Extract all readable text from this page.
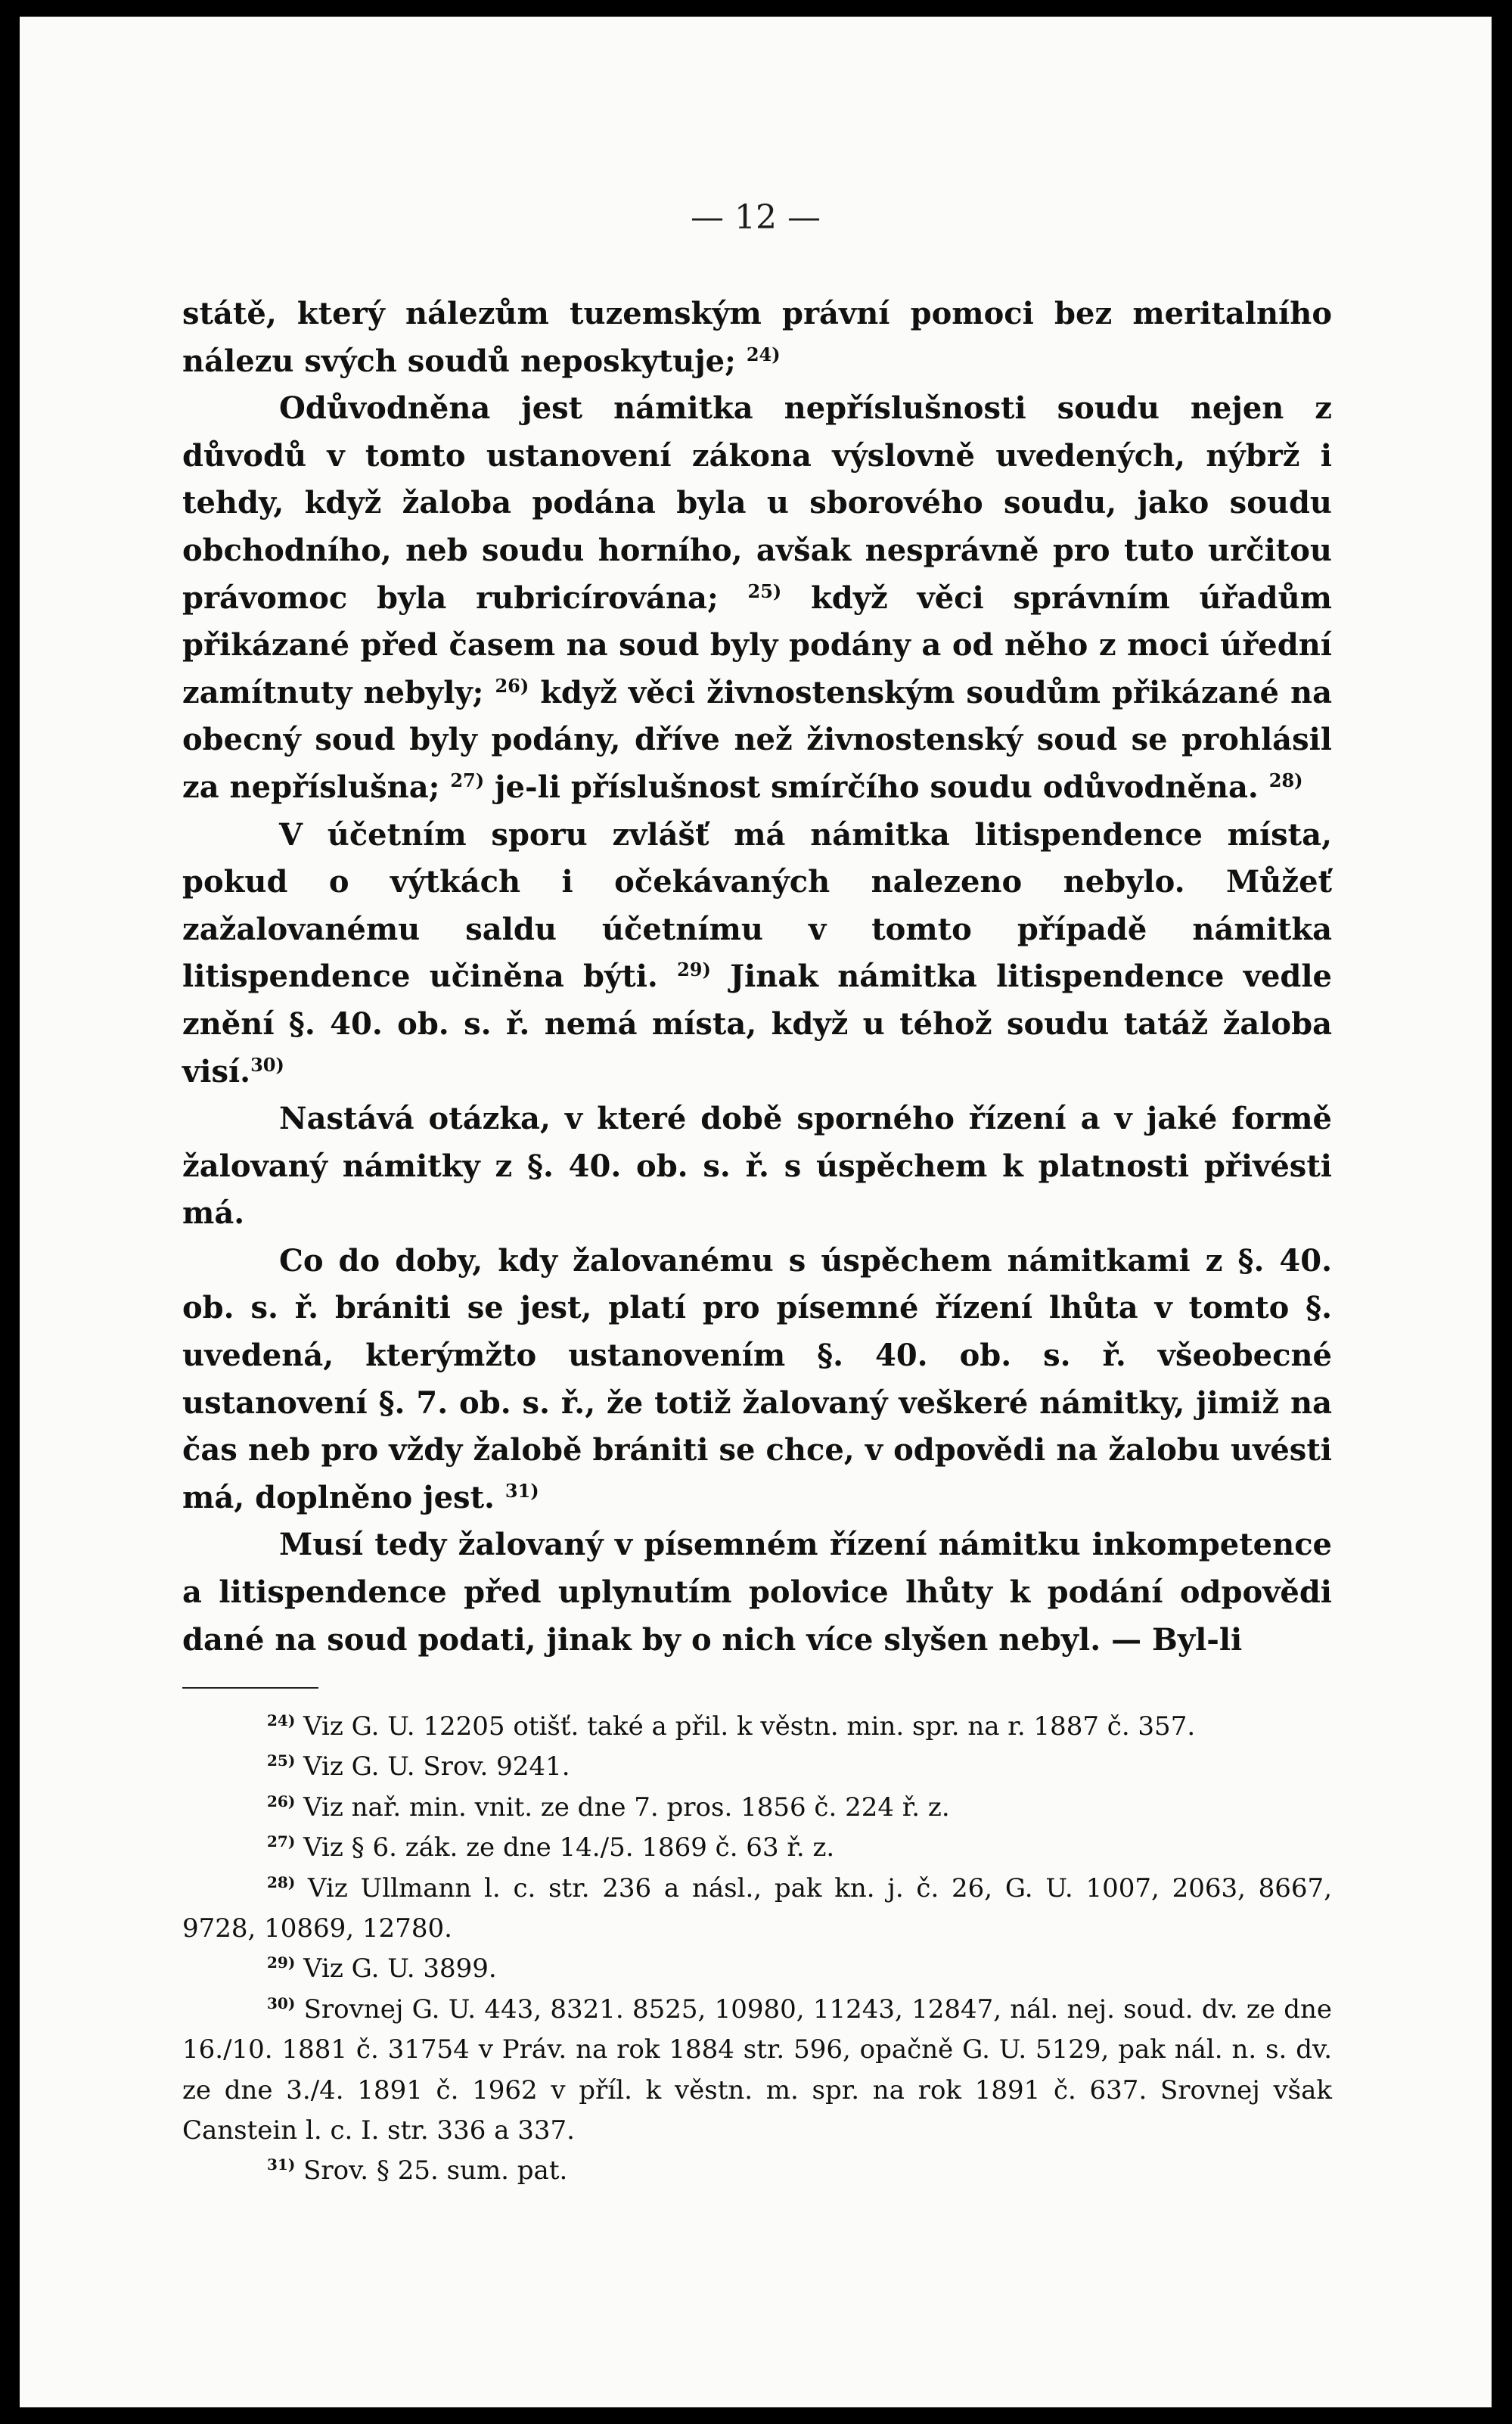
— 12 —

státě, který nálezům tuzemským právní pomoci bez meritalního nálezu svých soudů neposkytuje; $^{24)}$

Odůvodněna jest námitka nepříslušnosti soudu nejen z důvodů v tomto ustanovení zákona výslovně uvedených, nýbrž i tehdy, když žaloba podána byla u sborového soudu, jako soudu obchodního, neb soudu horního, avšak nesprávně pro tuto určitou právomoc byla rubricírována; $^{25)}$ když věci správním úřadům přikázané před časem na soud byly podány a od něho z moci úřední zamítnuty nebyly; $^{26)}$ když věci živnostenským soudům přikázané na obecný soud byly podány, dříve než živnostenský soud se prohlásil za nepříslušna; $^{27)}$ je-li příslušnost smírčího soudu odůvodněna. $^{28)}$

V účetním sporu zvlášť má námitka litispendence místa, pokud o výtkách i očekávaných nalezeno nebylo. Můžeť zažalovanému saldu účetnímu v tomto případě námitka litispendence učiněna býti. $^{29)}$ Jinak námitka litispendence vedle znění §. 40. ob. s. ř. nemá místa, když u téhož soudu tatáž žaloba visí.$^{30)}$

Nastává otázka, v které době sporného řízení a v jaké formě žalovaný námitky z §. 40. ob. s. ř. s úspěchem k platnosti přivésti má.

Co do doby, kdy žalovanému s úspěchem námitkami z §. 40. ob. s. ř. brániti se jest, platí pro písemné řízení lhůta v tomto §. uvedená, kterýmžto ustanovením §. 40. ob. s. ř. všeobecné ustanovení §. 7. ob. s. ř., že totiž žalovaný veškeré námitky, jimiž na čas neb pro vždy žalobě brániti se chce, v odpovědi na žalobu uvésti má, doplněno jest. $^{31)}$

Musí tedy žalovaný v písemném řízení námitku inkompetence a litispendence před uplynutím polovice lhůty k podání odpovědi dané na soud podati, jinak by o nich více slyšen nebyl. — Byl-li

$^{24)}$ Viz G. U. 12205 otišť. také a přil. k věstn. min. spr. na r. 1887 č. 357.

$^{25)}$ Viz G. U. Srov. 9241.

$^{26)}$ Viz nař. min. vnit. ze dne 7. pros. 1856 č. 224 ř. z.

$^{27)}$ Viz § 6. zák. ze dne 14./5. 1869 č. 63 ř. z.

$^{28)}$ Viz Ullmann l. c. str. 236 a násl., pak kn. j. č. 26, G. U. 1007, 2063, 8667, 9728, 10869, 12780.

$^{29)}$ Viz G. U. 3899.

$^{30)}$ Srovnej G. U. 443, 8321. 8525, 10980, 11243, 12847, nál. nej. soud. dv. ze dne 16./10. 1881 č. 31754 v Práv. na rok 1884 str. 596, opačně G. U. 5129, pak nál. n. s. dv. ze dne 3./4. 1891 č. 1962 v příl. k věstn. m. spr. na rok 1891 č. 637. Srovnej však Canstein l. c. I. str. 336 a 337.

$^{31)}$ Srov. § 25. sum. pat.
